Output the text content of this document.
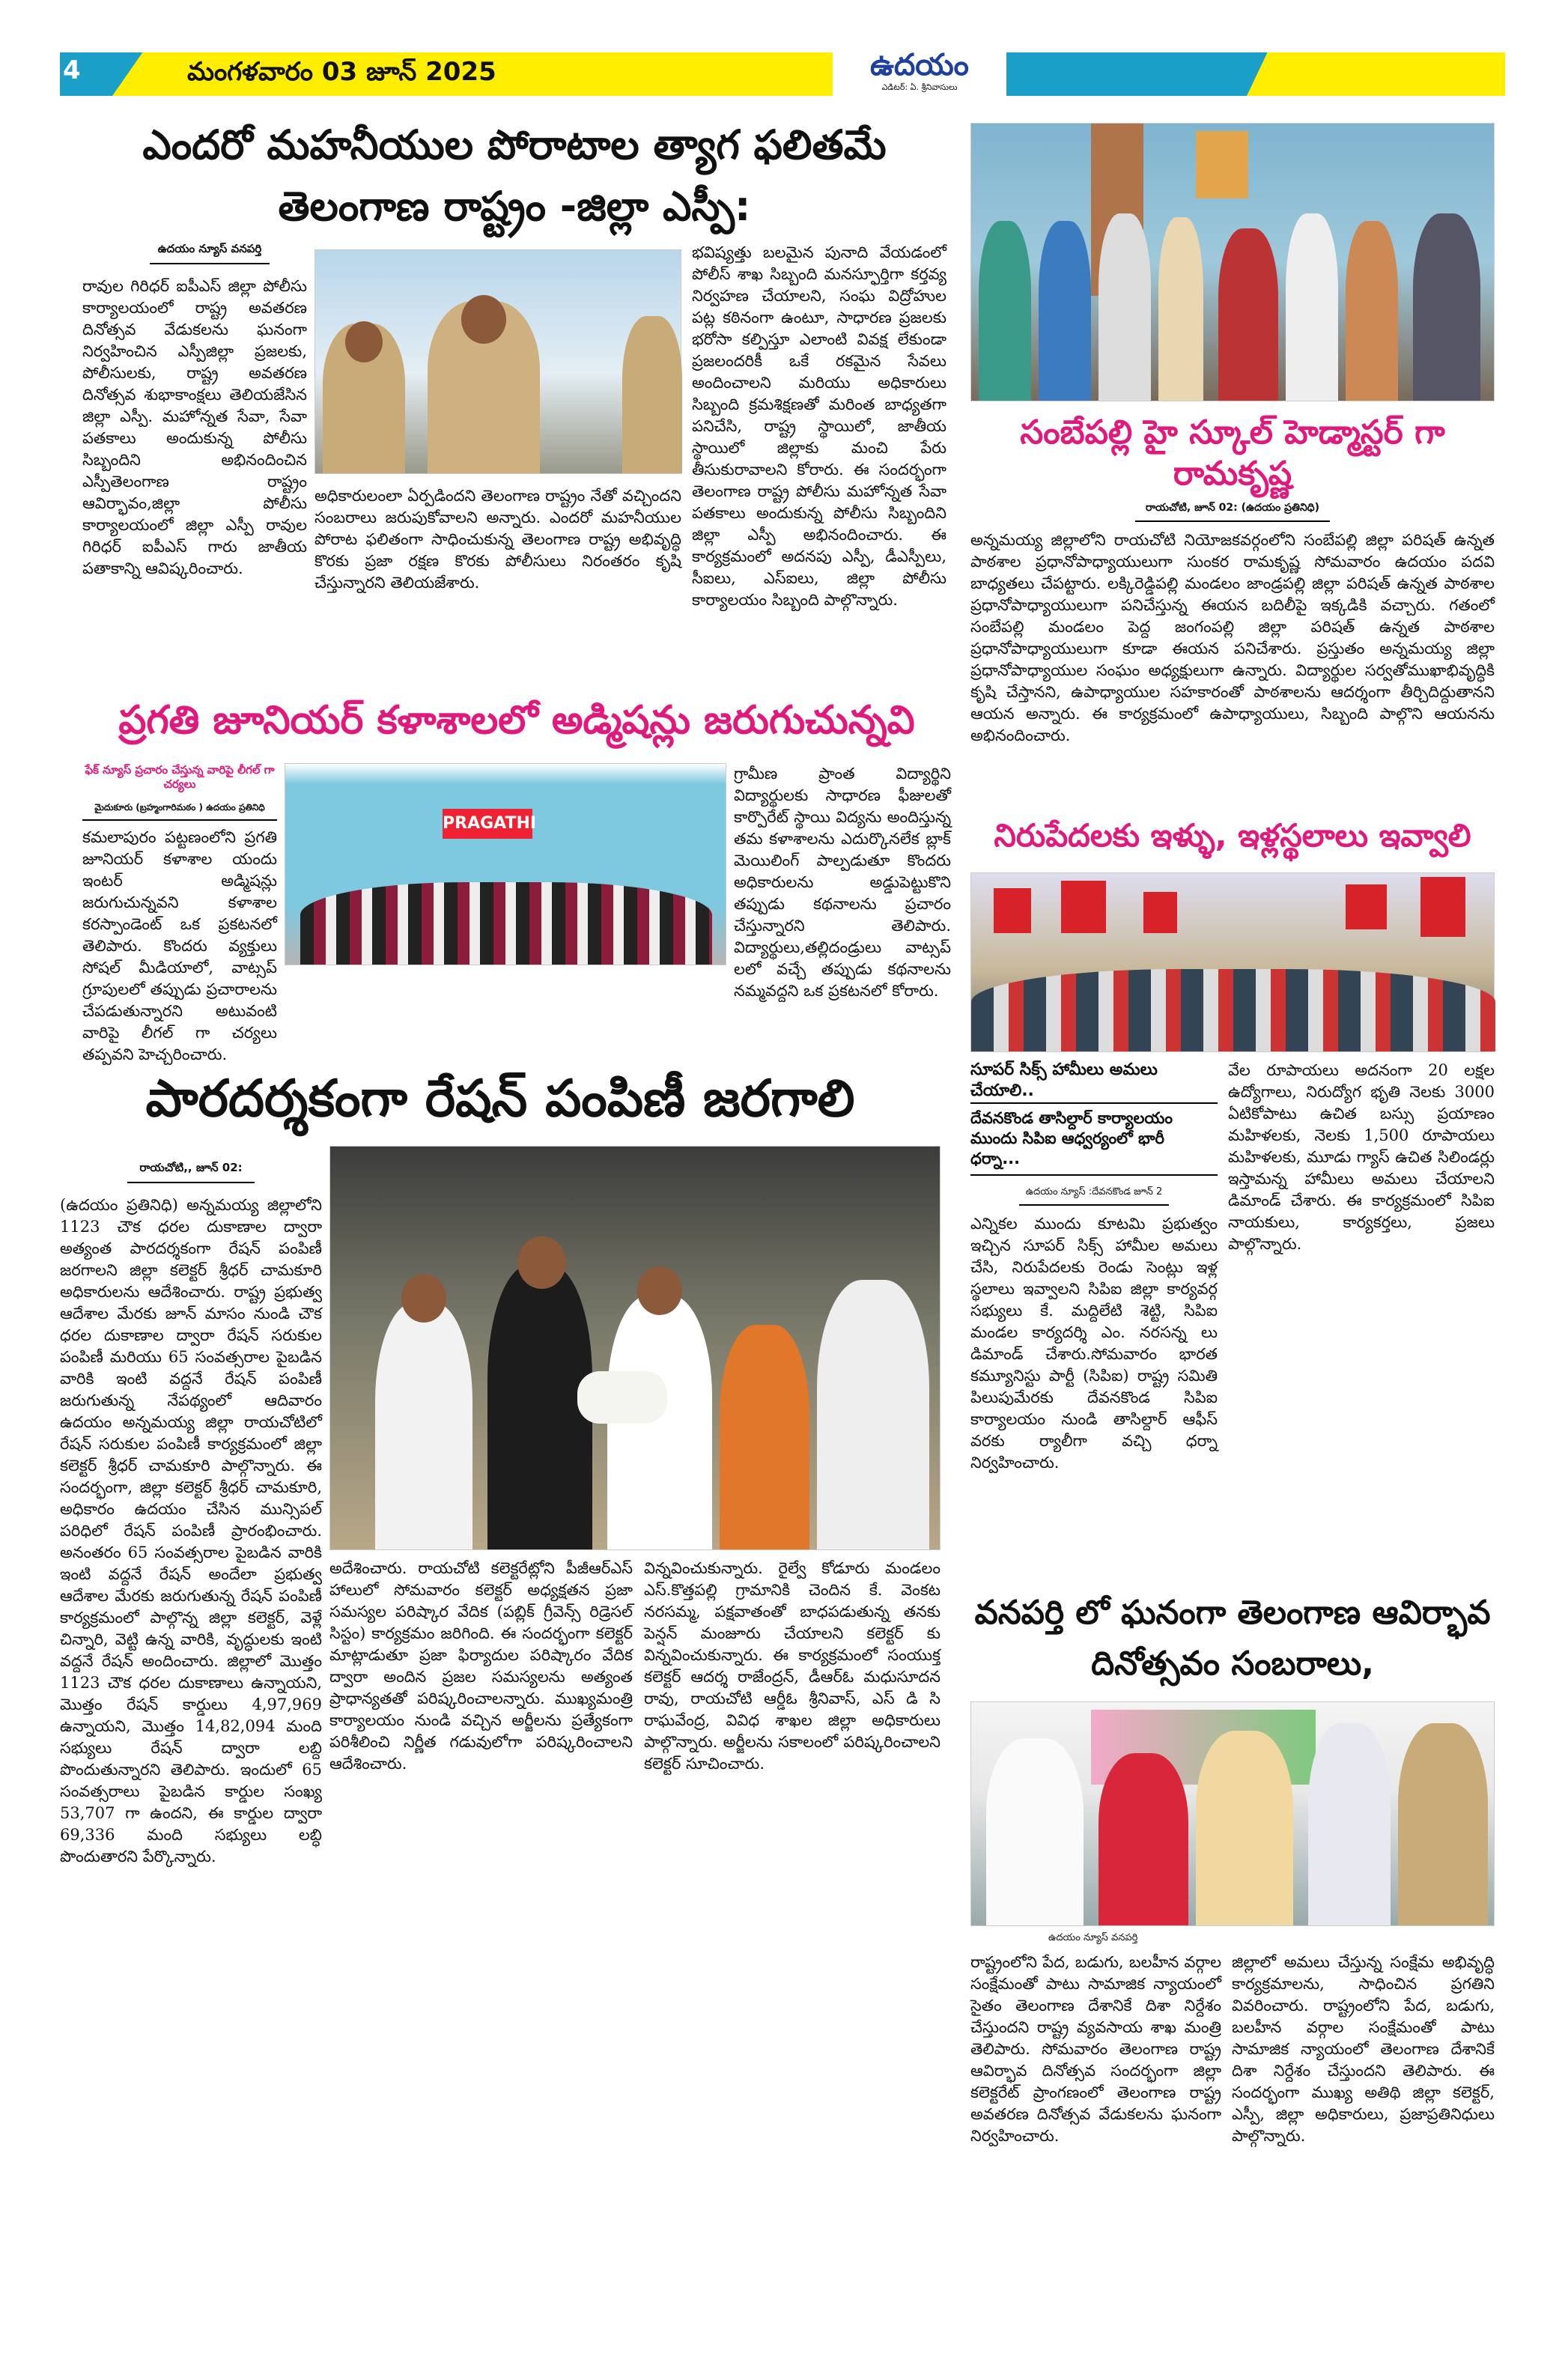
4	మంగళవారం 03 జూన్ 2025	ఉదయం
ఎడిటర్: ఏ. శ్రీనివాసులు
ఎందరో మహనీయుల పోరాటాల త్యాగ ఫలితమే
తెలంగాణ రాష్ట్రం -జిల్లా ఎస్పీ:
ఉదయం న్యూస్ వనపర్తి
రావుల గిరిధర్ ఐపీఎస్ జిల్లా పోలీసు కార్యాలయంలో రాష్ట్ర అవతరణ దినోత్సవ వేడుకలను ఘనంగా నిర్వహించిన ఎస్పీజిల్లా ప్రజలకు, పోలీసులకు, రాష్ట్ర అవతరణ దినోత్సవ శుభాకాంక్షలు తెలియజేసిన జిల్లా ఎస్పీ. మహోన్నత సేవా, సేవా పతకాలు అందుకున్న పోలీసు సిబ్బందిని అభినందించిన ఎస్పీతెలంగాణ రాష్ట్రం ఆవిర్భావం,జిల్లా పోలీసు కార్యాలయంలో జిల్లా ఎస్పీ రావుల గిరిధర్ ఐపీఎస్ గారు జాతీయ పతాకాన్ని ఆవిష్కరించారు.
అధికారులంలా ఏర్పడిందని తెలంగాణ రాష్ట్రం నేతో వచ్చిందని సంబరాలు జరుపుకోవాలని అన్నారు. ఎందరో మహనీయుల పోరాట ఫలితంగా సాధించుకున్న తెలంగాణ రాష్ట్ర అభివృద్ధి కొరకు ప్రజా రక్షణ కొరకు పోలీసులు నిరంతరం కృషి చేస్తున్నారని తెలియజేశారు.
భవిష్యత్తు బలమైన పునాది వేయడంలో పోలీస్ శాఖ సిబ్బంది మనస్ఫూర్తిగా కర్తవ్య నిర్వహణ చేయాలని, సంఘ విద్రోహుల పట్ల కఠినంగా ఉంటూ, సాధారణ ప్రజలకు భరోసా కల్పిస్తూ ఎలాంటి వివక్ష లేకుండా ప్రజలందరికీ ఒకే రకమైన సేవలు అందించాలని మరియు అధికారులు సిబ్బంది క్రమశిక్షణతో మరింత బాధ్యతగా పనిచేసి, రాష్ట్ర స్థాయిలో, జాతీయ స్థాయిలో జిల్లాకు మంచి పేరు తీసుకురావాలని కోరారు. ఈ సందర్భంగా తెలంగాణ రాష్ట్ర పోలీసు మహోన్నత సేవా పతకాలు అందుకున్న పోలీసు సిబ్బందిని జిల్లా ఎస్పీ అభినందించారు. ఈ కార్యక్రమంలో అదనపు ఎస్పీ, డీఎస్పీలు, సీఐలు, ఎస్ఐలు, జిల్లా పోలీసు కార్యాలయం సిబ్బంది పాల్గొన్నారు.
సంబేపల్లి హై స్కూల్ హెడ్మాస్టర్ గా రామకృష్ణ
రాయచోటి, జూన్ 02: (ఉదయం ప్రతినిధి)
అన్నమయ్య జిల్లాలోని రాయచోటి నియోజకవర్గంలోని సంబేపల్లి జిల్లా పరిషత్ ఉన్నత పాఠశాల ప్రధానోపాధ్యాయులుగా సుంకర రామకృష్ణ సోమవారం ఉదయం పదవి బాధ్యతలు చేపట్టారు. లక్కిరెడ్డిపల్లి మండలం జాండ్రపల్లి జిల్లా పరిషత్ ఉన్నత పాఠశాల ప్రధానోపాధ్యాయులుగా పనిచేస్తున్న ఈయన బదిలీపై ఇక్కడికి వచ్చారు. గతంలో సంబేపల్లి మండలం పెద్ద జంగంపల్లి జిల్లా పరిషత్ ఉన్నత పాఠశాల ప్రధానోపాధ్యాయులుగా కూడా ఈయన పనిచేశారు. ప్రస్తుతం అన్నమయ్య జిల్లా ప్రధానోపాధ్యాయుల సంఘం అధ్యక్షులుగా ఉన్నారు. విద్యార్థుల సర్వతోముఖాభివృద్ధికి కృషి చేస్తానని, ఉపాధ్యాయుల సహకారంతో పాఠశాలను ఆదర్శంగా తీర్చిదిద్దుతానని ఆయన అన్నారు. ఈ కార్యక్రమంలో ఉపాధ్యాయులు, సిబ్బంది పాల్గొని ఆయనను అభినందించారు.
ప్రగతి జూనియర్ కళాశాలలో అడ్మిషన్లు జరుగుచున్నవి
ఫేక్ న్యూస్ ప్రచారం చేస్తున్న వారిపై లీగల్ గా చర్యలు
మైదుకూరు (బ్రహ్మంగారిమఠం ) ఉదయం ప్రతినిధి
కమలాపురం పట్టణంలోని ప్రగతి జూనియర్ కళాశాల యందు ఇంటర్ అడ్మిషన్లు జరుగుచున్నవని కళాశాల కరస్పాండెంట్ ఒక ప్రకటనలో తెలిపారు. కొందరు వ్యక్తులు సోషల్ మీడియాలో, వాట్సప్ గ్రూపులలో తప్పుడు ప్రచారాలను చేపడుతున్నారని అటువంటి వారిపై లీగల్ గా చర్యలు తప్పవని హెచ్చరించారు.
PRAGATHI
గ్రామీణ ప్రాంత విద్యార్థిని విద్యార్థులకు సాధారణ ఫీజులతో కార్పొరేట్ స్థాయి విద్యను అందిస్తున్న తమ కళాశాలను ఎదుర్కొనలేక బ్లాక్ మెయిలింగ్ పాల్పడుతూ కొందరు అధికారులను అడ్డుపెట్టుకొని తప్పుడు కథనాలను ప్రచారం చేస్తున్నారని తెలిపారు. విద్యార్థులు,తల్లిదండ్రులు వాట్సప్ లలో వచ్చే తప్పుడు కథనాలను నమ్మవద్దని ఒక ప్రకటనలో కోరారు.
నిరుపేదలకు ఇళ్ళు, ఇళ్లస్థలాలు ఇవ్వాలి
సూపర్ సిక్స్ హామీలు అమలు చేయాలి..
దేవనకొండ తాసిల్దార్ కార్యాలయం ముందు సిపిఐ ఆధ్వర్యంలో భారీ ధర్నా...
ఉదయం న్యూస్ :దేవనకొండ జూన్ 2
ఎన్నికల ముందు కూటమి ప్రభుత్వం ఇచ్చిన సూపర్ సిక్స్ హామీల అమలు చేసి, నిరుపేదలకు రెండు సెంట్లు ఇళ్ల స్థలాలు ఇవ్వాలని సిపిఐ జిల్లా కార్యవర్గ సభ్యులు కే. మద్దిలేటి శెట్టి, సిపిఐ మండల కార్యదర్శి ఎం. నరసన్న లు డిమాండ్ చేశారు.సోమవారం భారత కమ్యూనిస్టు పార్టీ (సిపిఐ) రాష్ట్ర సమితి పిలుపుమేరకు దేవనకొండ సిపిఐ కార్యాలయం నుండి తాసిల్దార్ ఆఫీస్ వరకు ర్యాలీగా వచ్చి ధర్నా నిర్వహించారు.
వేల రూపాయలు అదనంగా 20 లక్షల ఉద్యోగాలు, నిరుద్యోగ భృతి నెలకు 3000 ఏటికోపాటు ఉచిత బస్సు ప్రయాణం మహిళలకు, నెలకు 1,500 రూపాయలు మహిళలకు, మూడు గ్యాస్ ఉచిత సిలిండర్లు ఇస్తామన్న హామీలు అమలు చేయాలని డిమాండ్ చేశారు. ఈ కార్యక్రమంలో సిపిఐ నాయకులు, కార్యకర్తలు, ప్రజలు పాల్గొన్నారు.
పారదర్శకంగా రేషన్ పంపిణీ జరగాలి
రాయచోటి,, జూన్ 02:
(ఉదయం ప్రతినిధి) అన్నమయ్య జిల్లాలోని 1123 చౌక ధరల దుకాణాల ద్వారా అత్యంత పారదర్శకంగా రేషన్ పంపిణీ జరగాలని జిల్లా కలెక్టర్ శ్రీధర్ చామకూరి అధికారులను ఆదేశించారు. రాష్ట్ర ప్రభుత్వ ఆదేశాల మేరకు జూన్ మాసం నుండి చౌక ధరల దుకాణాల ద్వారా రేషన్ సరుకుల పంపిణీ మరియు 65 సంవత్సరాల పైబడిన వారికి ఇంటి వద్దనే రేషన్ పంపిణీ జరుగుతున్న నేపథ్యంలో ఆదివారం ఉదయం అన్నమయ్య జిల్లా రాయచోటిలో రేషన్ సరుకుల పంపిణీ కార్యక్రమంలో జిల్లా కలెక్టర్ శ్రీధర్ చామకూరి పాల్గొన్నారు. ఈ సందర్భంగా, జిల్లా కలెక్టర్ శ్రీధర్ చామకూరి, అధికారం ఉదయం చేసిన మున్సిపల్ పరిధిలో రేషన్ పంపిణీ ప్రారంభించారు. అనంతరం 65 సంవత్సరాల పైబడిన వారికి ఇంటి వద్దనే రేషన్ అందేలా ప్రభుత్వ ఆదేశాల మేరకు జరుగుతున్న రేషన్ పంపిణీ కార్యక్రమంలో పాల్గొన్న జిల్లా కలెక్టర్, వెళ్లే చిన్నారి, వెట్టి ఉన్న వారికి, వృద్ధులకు ఇంటి వద్దనే రేషన్ అందించారు. జిల్లాలో మొత్తం 1123 చౌక ధరల దుకాణాలు ఉన్నాయని, మొత్తం రేషన్ కార్డులు 4,97,969 ఉన్నాయని, మొత్తం 14,82,094 మంది సభ్యులు రేషన్ ద్వారా లబ్ది పొందుతున్నారని తెలిపారు. ఇందులో 65 సంవత్సరాలు పైబడిన కార్డుల సంఖ్య 53,707 గా ఉందని, ఈ కార్డుల ద్వారా 69,336 మంది సభ్యులు లబ్ధి పొందుతారని పేర్కొన్నారు.
అదేశించారు. రాయచోటి కలెక్టరేట్లోని పీజీఆర్ఎస్ హాలులో సోమవారం కలెక్టర్ అధ్యక్షతన ప్రజా సమస్యల పరిష్కార వేదిక (పబ్లిక్ గ్రీవెన్స్ రిడ్రెసల్ సిస్టం) కార్యక్రమం జరిగింది. ఈ సందర్భంగా కలెక్టర్ మాట్లాడుతూ ప్రజా ఫిర్యాదుల పరిష్కారం వేదిక ద్వారా అందిన ప్రజల సమస్యలను అత్యంత ప్రాధాన్యతతో పరిష్కరించాలన్నారు. ముఖ్యమంత్రి కార్యాలయం నుండి వచ్చిన అర్జీలను ప్రత్యేకంగా పరిశీలించి నిర్ణీత గడువులోగా పరిష్కరించాలని ఆదేశించారు.
విన్నవించుకున్నారు. రైల్వే కోడూరు మండలం ఎస్.కొత్తపల్లి గ్రామానికి చెందిన కే. వెంకట నరసమ్మ, పక్షవాతంతో బాధపడుతున్న తనకు పెన్షన్ మంజూరు చేయాలని కలెక్టర్ కు విన్నవించుకున్నారు. ఈ కార్యక్రమంలో సంయుక్త కలెక్టర్ ఆదర్శ రాజేంద్రన్, డీఆర్ఓ మధుసూదన రావు, రాయచోటి ఆర్డీఓ శ్రీనివాస్, ఎస్ డి సి రాఘవేంద్ర, వివిధ శాఖల జిల్లా అధికారులు పాల్గొన్నారు. అర్జీలను సకాలంలో పరిష్కరించాలని కలెక్టర్ సూచించారు.
వనపర్తి లో ఘనంగా తెలంగాణ ఆవిర్భావ దినోత్సవం సంబరాలు,
ఉదయం న్యూస్ వనపర్తి
రాష్ట్రంలోని పేద, బడుగు, బలహీన వర్గాల సంక్షేమంతో పాటు సామాజిక న్యాయంలో సైతం తెలంగాణ దేశానికే దిశా నిర్దేశం చేస్తుందని రాష్ట్ర వ్యవసాయ శాఖ మంత్రి తెలిపారు. సోమవారం తెలంగాణ రాష్ట్ర ఆవిర్భావ దినోత్సవ సందర్భంగా జిల్లా కలెక్టరేట్ ప్రాంగణంలో తెలంగాణ రాష్ట్ర అవతరణ దినోత్సవ వేడుకలను ఘనంగా నిర్వహించారు.
జిల్లాలో అమలు చేస్తున్న సంక్షేమ అభివృద్ధి కార్యక్రమాలను, సాధించిన ప్రగతిని వివరించారు. రాష్ట్రంలోని పేద, బడుగు, బలహీన వర్గాల సంక్షేమంతో పాటు సామాజిక న్యాయంలో తెలంగాణ దేశానికే దిశా నిర్దేశం చేస్తుందని తెలిపారు. ఈ సందర్భంగా ముఖ్య అతిథి జిల్లా కలెక్టర్, ఎస్పీ, జిల్లా అధికారులు, ప్రజాప్రతినిధులు పాల్గొన్నారు.
